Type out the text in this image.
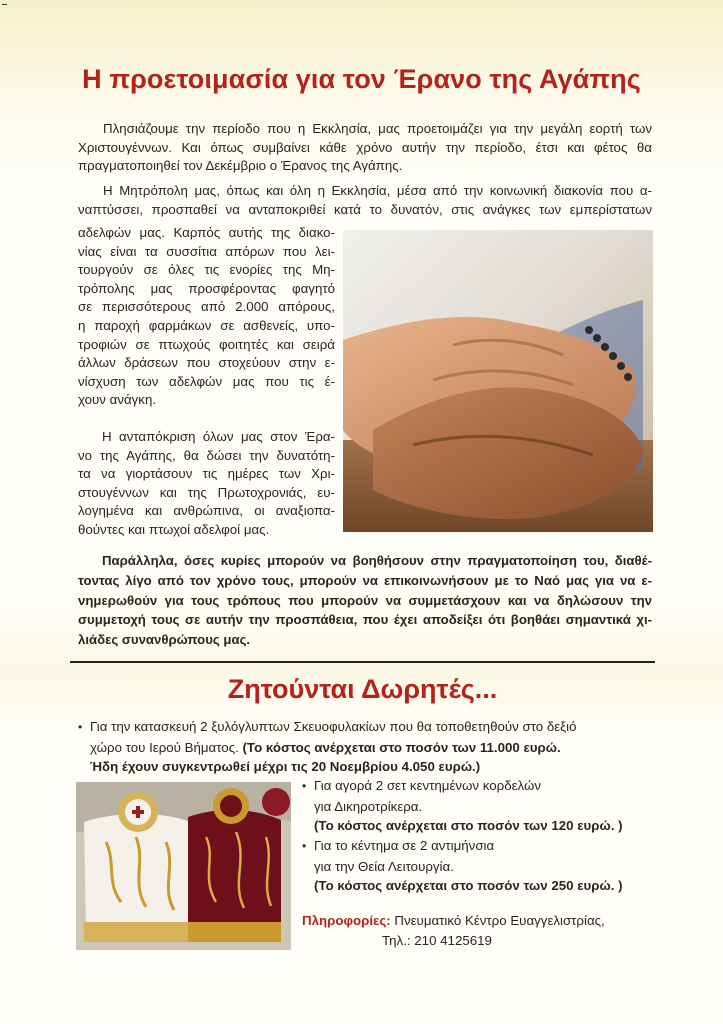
Η προετοιμασία για τον Έρανο της Αγάπης
Πλησιάζουμε την περίοδο που η Εκκλησία, μας προετοιμάζει για την μεγάλη εορτή των
Χριστουγέννων. Και όπως συμβαίνει κάθε χρόνο αυτήν την περίοδο, έτσι και φέτος θα
πραγματοποιηθεί τον Δεκέμβριο ο Έρανος της Αγάπης.
Η Μητρόπολη μας, όπως και όλη η Εκκλησία, μέσα από την κοινωνική διακονία που α-
ναπτύσσει, προσπαθεί να ανταποκριθεί κατά το δυνατόν, στις ανάγκες των εμπερίστατων
αδελφών μας. Καρπός αυτής της διακο-
νίας είναι τα συσσίτια απόρων που λει-
τουργούν σε όλες τις ενορίες της Μη-
τρόπολης μας προσφέροντας φαγητό
σε περισσότερους από 2.000 απόρους,
η παροχή φαρμάκων σε ασθενείς, υπο-
τροφιών σε πτωχούς φοιτητές και σειρά
άλλων δράσεων που στοχεύουν στην ε-
νίσχυση των αδελφών μας που τις έ-
χουν ανάγκη.
Η ανταπόκριση όλων μας στον Έρα-
νο της Αγάπης, θα δώσει την δυνατότη-
τα να γιορτάσουν τις ημέρες των Χρι-
στουγέννων και της Πρωτοχρονιάς, ευ-
λογημένα και ανθρώπινα, οι αναξιοπα-
θούντες και πτωχοί αδελφοί μας.
Παράλληλα, όσες κυρίες μπορούν να βοηθήσουν στην πραγματοποίηση του, διαθέ-
τοντας λίγο από τον χρόνο τους, μπορούν να επικοινωνήσουν με το Ναό μας για να ε-
νημερωθούν για τους τρόπους που μπορούν να συμμετάσχουν και να δηλώσουν την
συμμετοχή τους σε αυτήν την προσπάθεια, που έχει αποδείξει ότι βοηθάει σημαντικά χι-
λιάδες συνανθρώπους μας.
Ζητούνται Δωρητές...
• Για την κατασκευή 2 ξυλόγλυπτων Σκευοφυλακίων που θα τοποθετηθούν στο δεξιό
χώρο του Ιερού Βήματος. (Το κόστος ανέρχεται στο ποσόν των 11.000 ευρώ.
Ήδη έχουν συγκεντρωθεί μέχρι τις 20 Νοεμβρίου 4.050 ευρώ.)
• Για αγορά 2 σετ κεντημένων κορδελών
για Δικηροτρίκερα.
(Το κόστος ανέρχεται στο ποσόν των 120 ευρώ. )
• Για το κέντημα σε 2 αντιμήνσια
για την Θεία Λειτουργία.
(Το κόστος ανέρχεται στο ποσόν των 250 ευρώ. )
Πληροφορίες: Πνευματικό Κέντρο Ευαγγελιστρίας,
Τηλ.: 210 4125619
